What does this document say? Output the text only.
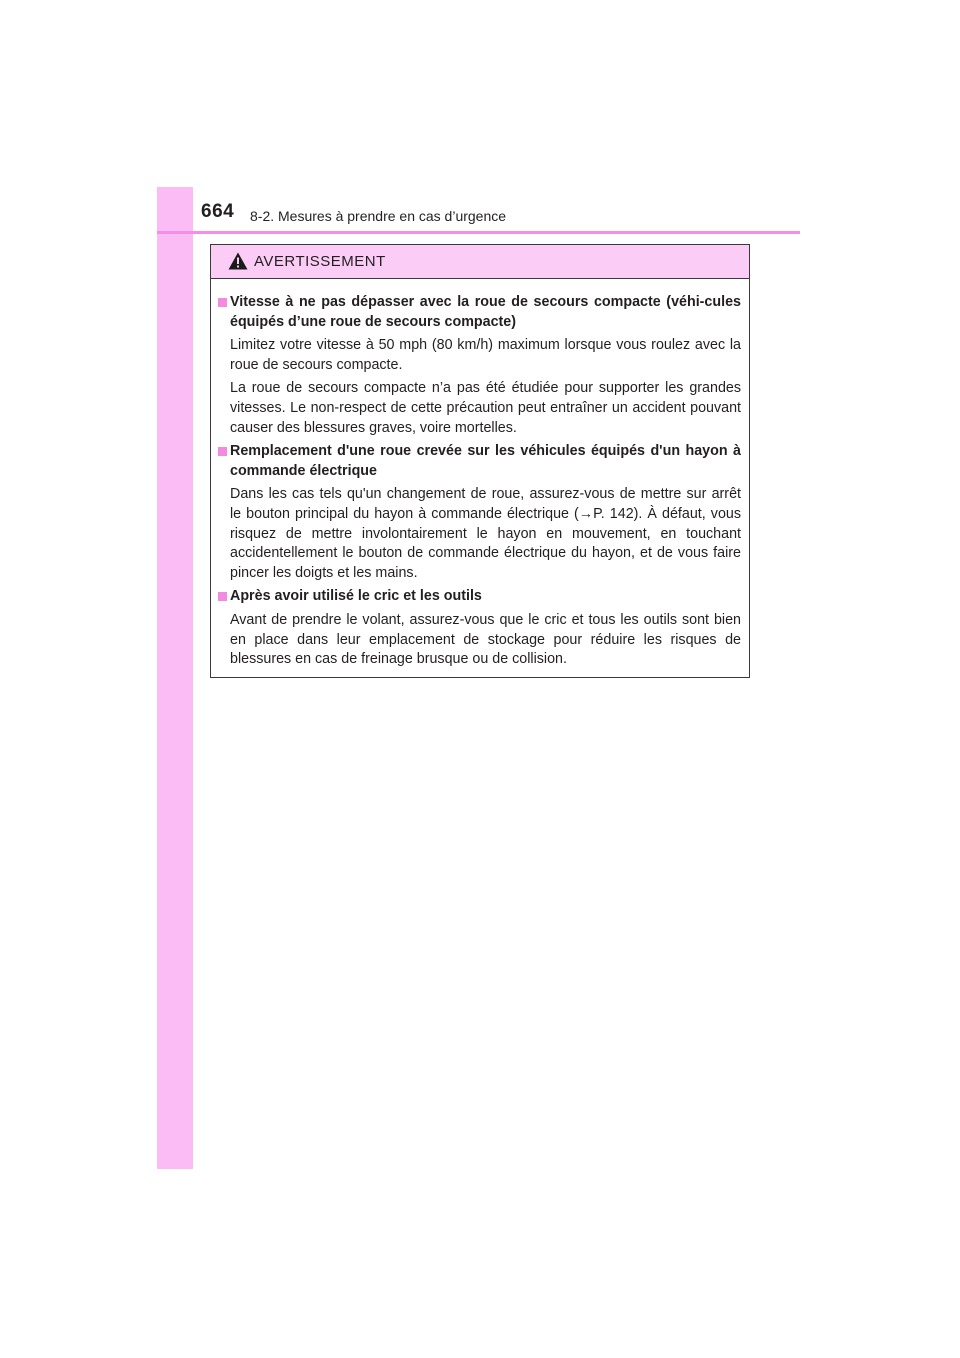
664 8-2. Mesures à prendre en cas d’urgence
AVERTISSEMENT
Vitesse à ne pas dépasser avec la roue de secours compacte (véhi-cules équipés d’une roue de secours compacte)
Limitez votre vitesse à 50 mph (80 km/h) maximum lorsque vous roulez avec la roue de secours compacte.
La roue de secours compacte n’a pas été étudiée pour supporter les grandes vitesses. Le non-respect de cette précaution peut entraîner un accident pouvant causer des blessures graves, voire mortelles.
Remplacement d'une roue crevée sur les véhicules équipés d'un hayon à commande électrique
Dans les cas tels qu'un changement de roue, assurez-vous de mettre sur arrêt le bouton principal du hayon à commande électrique (→P. 142). À défaut, vous risquez de mettre involontairement le hayon en mouvement, en touchant accidentellement le bouton de commande électrique du hayon, et de vous faire pincer les doigts et les mains.
Après avoir utilisé le cric et les outils
Avant de prendre le volant, assurez-vous que le cric et tous les outils sont bien en place dans leur emplacement de stockage pour réduire les risques de blessures en cas de freinage brusque ou de collision.
